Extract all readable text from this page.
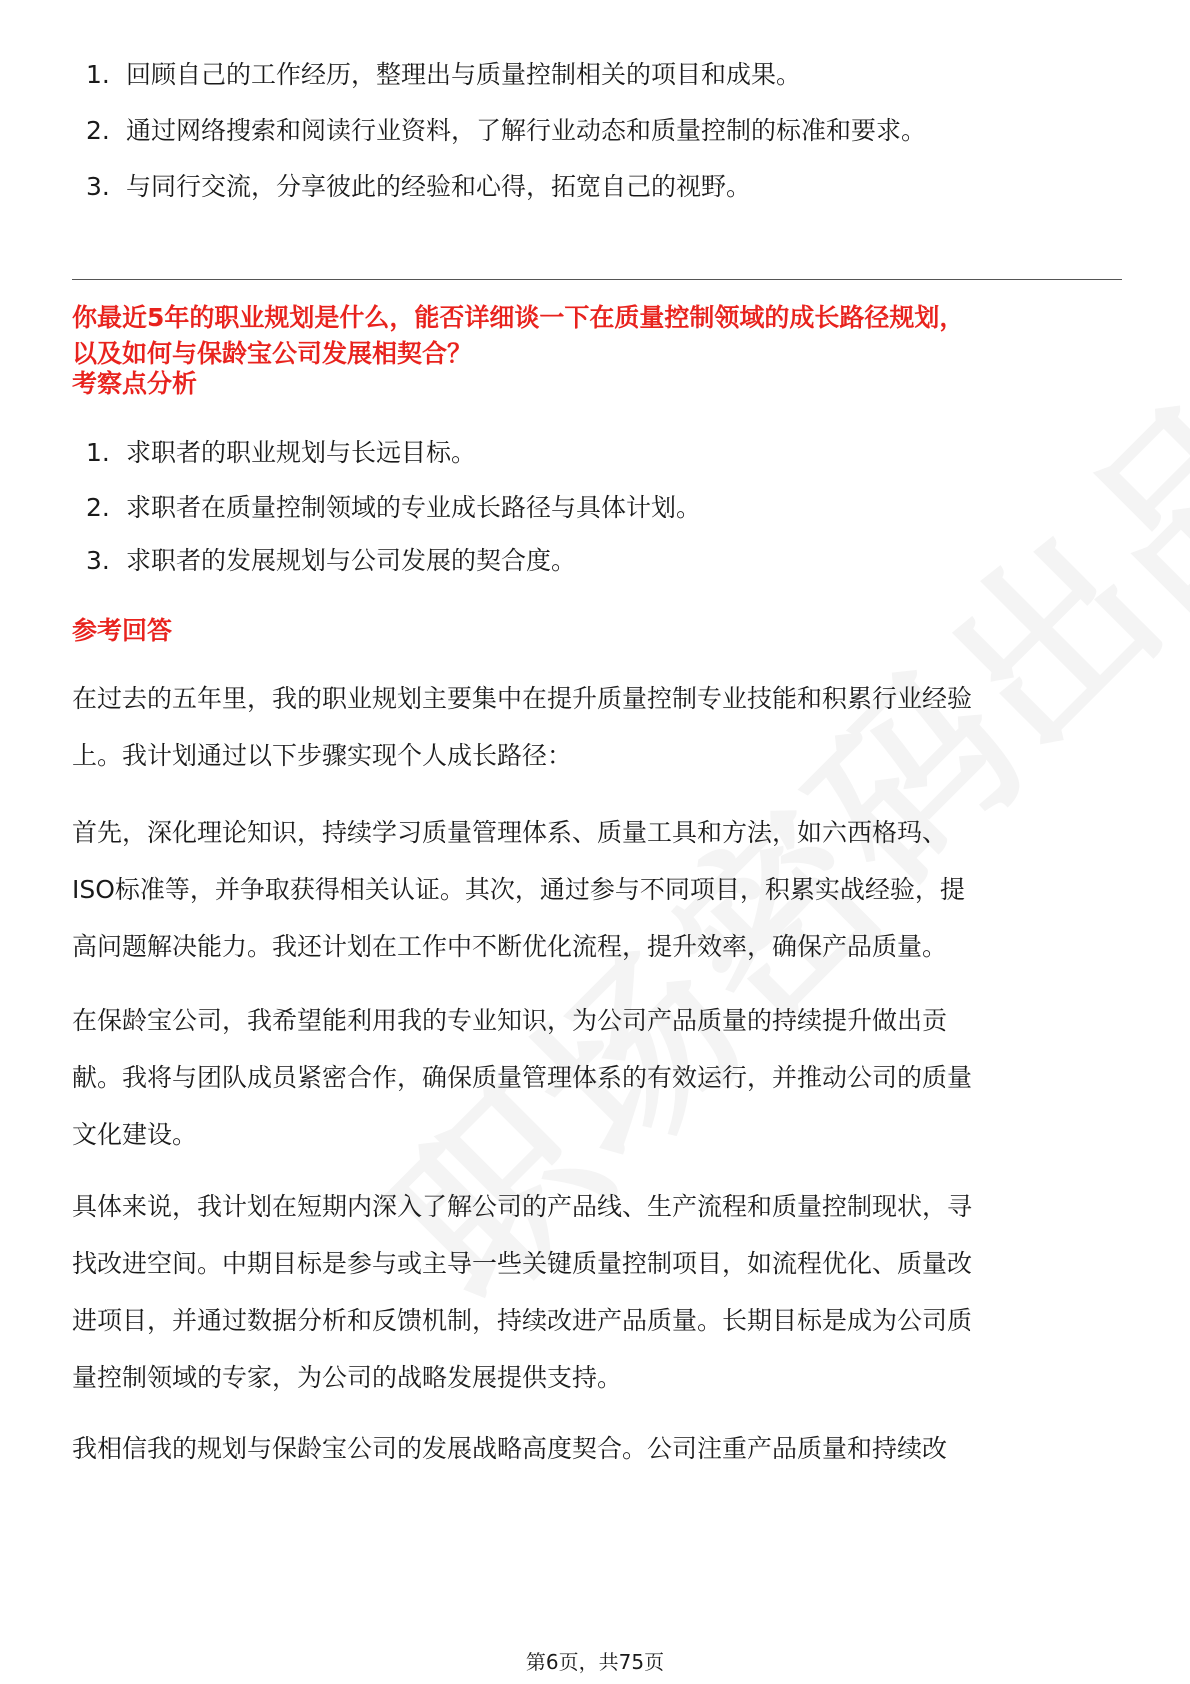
1. 回顾自己的工作经历，整理出与质量控制相关的项目和成果。
2. 通过网络搜索和阅读行业资料，了解行业动态和质量控制的标准和要求。
3. 与同行交流，分享彼此的经验和心得，拓宽自己的视野。
你最近5年的职业规划是什么，能否详细谈一下在质量控制领域的成长路径规划，
以及如何与保龄宝公司发展相契合？
考察点分析
1. 求职者的职业规划与长远目标。
2. 求职者在质量控制领域的专业成长路径与具体计划。
3. 求职者的发展规划与公司发展的契合度。
参考回答
在过去的五年里，我的职业规划主要集中在提升质量控制专业技能和积累行业经验
上。我计划通过以下步骤实现个人成长路径：
首先，深化理论知识，持续学习质量管理体系、质量工具和方法，如六西格玛、
ISO标准等，并争取获得相关认证。其次，通过参与不同项目，积累实战经验，提
高问题解决能力。我还计划在工作中不断优化流程，提升效率，确保产品质量。
在保龄宝公司，我希望能利用我的专业知识，为公司产品质量的持续提升做出贡
献。我将与团队成员紧密合作，确保质量管理体系的有效运行，并推动公司的质量
文化建设。
具体来说，我计划在短期内深入了解公司的产品线、生产流程和质量控制现状，寻
找改进空间。中期目标是参与或主导一些关键质量控制项目，如流程优化、质量改
进项目，并通过数据分析和反馈机制，持续改进产品质量。长期目标是成为公司质
量控制领域的专家，为公司的战略发展提供支持。
我相信我的规划与保龄宝公司的发展战略高度契合。公司注重产品质量和持续改
第6页，共75页
